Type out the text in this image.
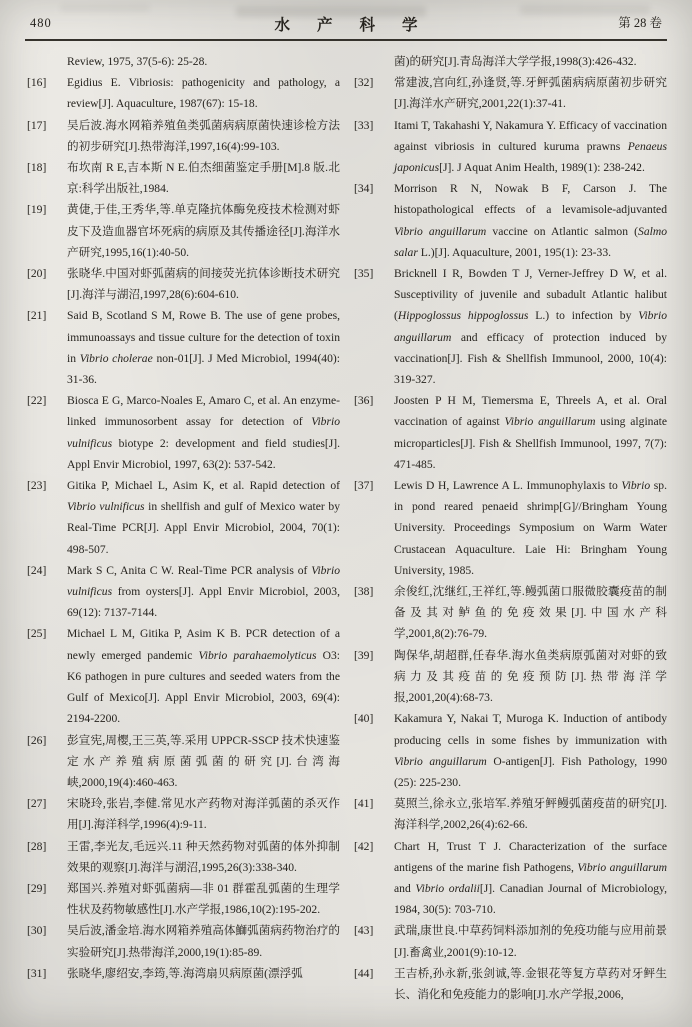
480	水产科学	第 28 卷
Review, 1975, 37(5-6): 25-28.
[16]	Egidius E. Vibriosis: pathogenicity and pathology, a review[J]. Aquaculture, 1987(67): 15-18.
[17]	吴后波.海水网箱养殖鱼类弧菌病病原菌快速诊检方法的初步研究[J].热带海洋,1997,16(4):99-103.
[18]	布坎南 R E,吉本斯 N E.伯杰细菌鉴定手册[M].8 版.北京:科学出版社,1984.
[19]	黄倢,于佳,王秀华,等.单克隆抗体酶免疫技术检测对虾皮下及造血器官坏死病的病原及其传播途径[J].海洋水产研究,1995,16(1):40-50.
[20]	张晓华.中国对虾弧菌病的间接荧光抗体诊断技术研究[J].海洋与湖沼,1997,28(6):604-610.
[21]	Said B, Scotland S M, Rowe B. The use of gene probes, immunoassays and tissue culture for the detection of toxin in Vibrio cholerae non-01[J]. J Med Microbiol, 1994(40): 31-36.
[22]	Biosca E G, Marco-Noales E, Amaro C, et al. An enzyme-linked immunosorbent assay for detection of Vibrio vulnificus biotype 2: development and field studies[J]. Appl Envir Microbiol, 1997, 63(2): 537-542.
[23]	Gitika P, Michael L, Asim K, et al. Rapid detection of Vibrio vulnificus in shellfish and gulf of Mexico water by Real-Time PCR[J]. Appl Envir Microbiol, 2004, 70(1): 498-507.
[24]	Mark S C, Anita C W. Real-Time PCR analysis of Vibrio vulnificus from oysters[J]. Appl Envir Microbiol, 2003, 69(12): 7137-7144.
[25]	Michael L M, Gitika P, Asim K B. PCR detection of a newly emerged pandemic Vibrio parahaemolyticus O3: K6 pathogen in pure cultures and seeded waters from the Gulf of Mexico[J]. Appl Envir Microbiol, 2003, 69(4): 2194-2200.
[26]	彭宣宪,周樱,王三英,等.采用 UPPCR-SSCP 技术快速鉴定水产养殖病原菌弧菌的研究[J].台湾海峡,2000,19(4):460-463.
[27]	宋晓玲,张岩,李健.常见水产药物对海洋弧菌的杀灭作用[J].海洋科学,1996(4):9-11.
[28]	王雷,李光友,毛远兴.11 种天然药物对弧菌的体外抑制效果的观察[J].海洋与湖沼,1995,26(3):338-340.
[29]	郑国兴.养殖对虾弧菌病—非 01 群霍乱弧菌的生理学性状及药物敏感性[J].水产学报,1986,10(2):195-202.
[30]	吴后波,潘金培.海水网箱养殖高体鰤弧菌病药物治疗的实验研究[J].热带海洋,2000,19(1):85-89.
[31]	张晓华,廖绍安,李筠,等.海湾扇贝病原菌(漂浮弧
菌)的研究[J].青岛海洋大学学报,1998(3):426-432.
[32]	常建波,宫向红,孙逢贤,等.牙鲆弧菌病病原菌初步研究[J].海洋水产研究,2001,22(1):37-41.
[33]	Itami T, Takahashi Y, Nakamura Y. Efficacy of vaccination against vibriosis in cultured kuruma prawns Penaeus japonicus[J]. J Aquat Anim Health, 1989(1): 238-242.
[34]	Morrison R N, Nowak B F, Carson J. The histopathological effects of a levamisole-adjuvanted Vibrio anguillarum vaccine on Atlantic salmon (Salmo salar L.)[J]. Aquaculture, 2001, 195(1): 23-33.
[35]	Bricknell I R, Bowden T J, Verner-Jeffrey D W, et al. Susceptivility of juvenile and subadult Atlantic halibut (Hippoglossus hippoglossus L.) to infection by Vibrio anguillarum and efficacy of protection induced by vaccination[J]. Fish & Shellfish Immunool, 2000, 10(4): 319-327.
[36]	Joosten P H M, Tiemersma E, Threels A, et al. Oral vaccination of against Vibrio anguillarum using alginate microparticles[J]. Fish & Shellfish Immunool, 1997, 7(7): 471-485.
[37]	Lewis D H, Lawrence A L. Immunophylaxis to Vibrio sp. in pond reared penaeid shrimp[G]//Bringham Young University. Proceedings Symposium on Warm Water Crustacean Aquaculture. Laie Hi: Bringham Young University, 1985.
[38]	余俊红,沈继红,王祥红,等.鳗弧菌口服微胶囊疫苗的制备及其对鲈鱼的免疫效果[J].中国水产科学,2001,8(2):76-79.
[39]	陶保华,胡超群,任春华.海水鱼类病原弧菌对对虾的致病力及其疫苗的免疫预防[J].热带海洋学报,2001,20(4):68-73.
[40]	Kakamura Y, Nakai T, Muroga K. Induction of antibody producing cells in some fishes by immunization with Vibrio anguillarum O-antigen[J]. Fish Pathology, 1990 (25): 225-230.
[41]	莫照兰,徐永立,张培军.养殖牙鲆鳗弧菌疫苗的研究[J].海洋科学,2002,26(4):62-66.
[42]	Chart H, Trust T J. Characterization of the surface antigens of the marine fish Pathogens, Vibrio anguillarum and Vibrio ordalii[J]. Canadian Journal of Microbiology, 1984, 30(5): 703-710.
[43]	武瑞,康世良.中草药饲料添加剂的免疫功能与应用前景[J].畜禽业,2001(9):10-12.
[44]	王吉桥,孙永新,张剑诚,等.金银花等复方草药对牙鲆生长、消化和免疫能力的影响[J].水产学报,2006,
